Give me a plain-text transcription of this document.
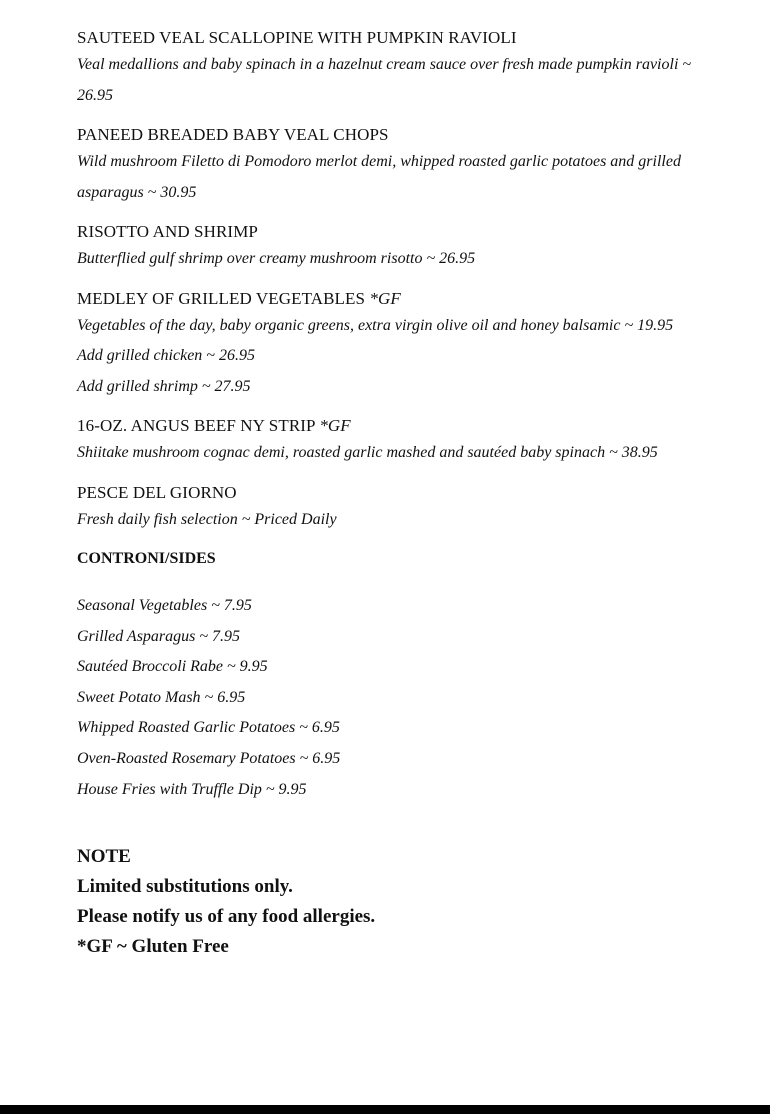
SAUTEED VEAL SCALLOPINE WITH PUMPKIN RAVIOLI
Veal medallions and baby spinach in a hazelnut cream sauce over fresh made pumpkin ravioli ~ 26.95
PANEED BREADED BABY VEAL CHOPS
Wild mushroom Filetto di Pomodoro merlot demi, whipped roasted garlic potatoes and grilled asparagus ~ 30.95
RISOTTO AND SHRIMP
Butterflied gulf shrimp over creamy mushroom risotto ~ 26.95
MEDLEY OF GRILLED VEGETABLES *GF
Vegetables of the day, baby organic greens, extra virgin olive oil and honey balsamic ~ 19.95
Add grilled chicken ~ 26.95
Add grilled shrimp ~ 27.95
16-OZ. ANGUS BEEF NY STRIP *GF
Shiitake mushroom cognac demi, roasted garlic mashed and sautéed baby spinach ~ 38.95
PESCE DEL GIORNO
Fresh daily fish selection ~ Priced Daily
CONTRONI/SIDES
Seasonal Vegetables ~ 7.95
Grilled Asparagus ~ 7.95
Sautéed Broccoli Rabe ~ 9.95
Sweet Potato Mash ~ 6.95
Whipped Roasted Garlic Potatoes ~ 6.95
Oven-Roasted Rosemary Potatoes ~ 6.95
House Fries with Truffle Dip ~ 9.95
NOTE
Limited substitutions only.
Please notify us of any food allergies.
*GF ~ Gluten Free
